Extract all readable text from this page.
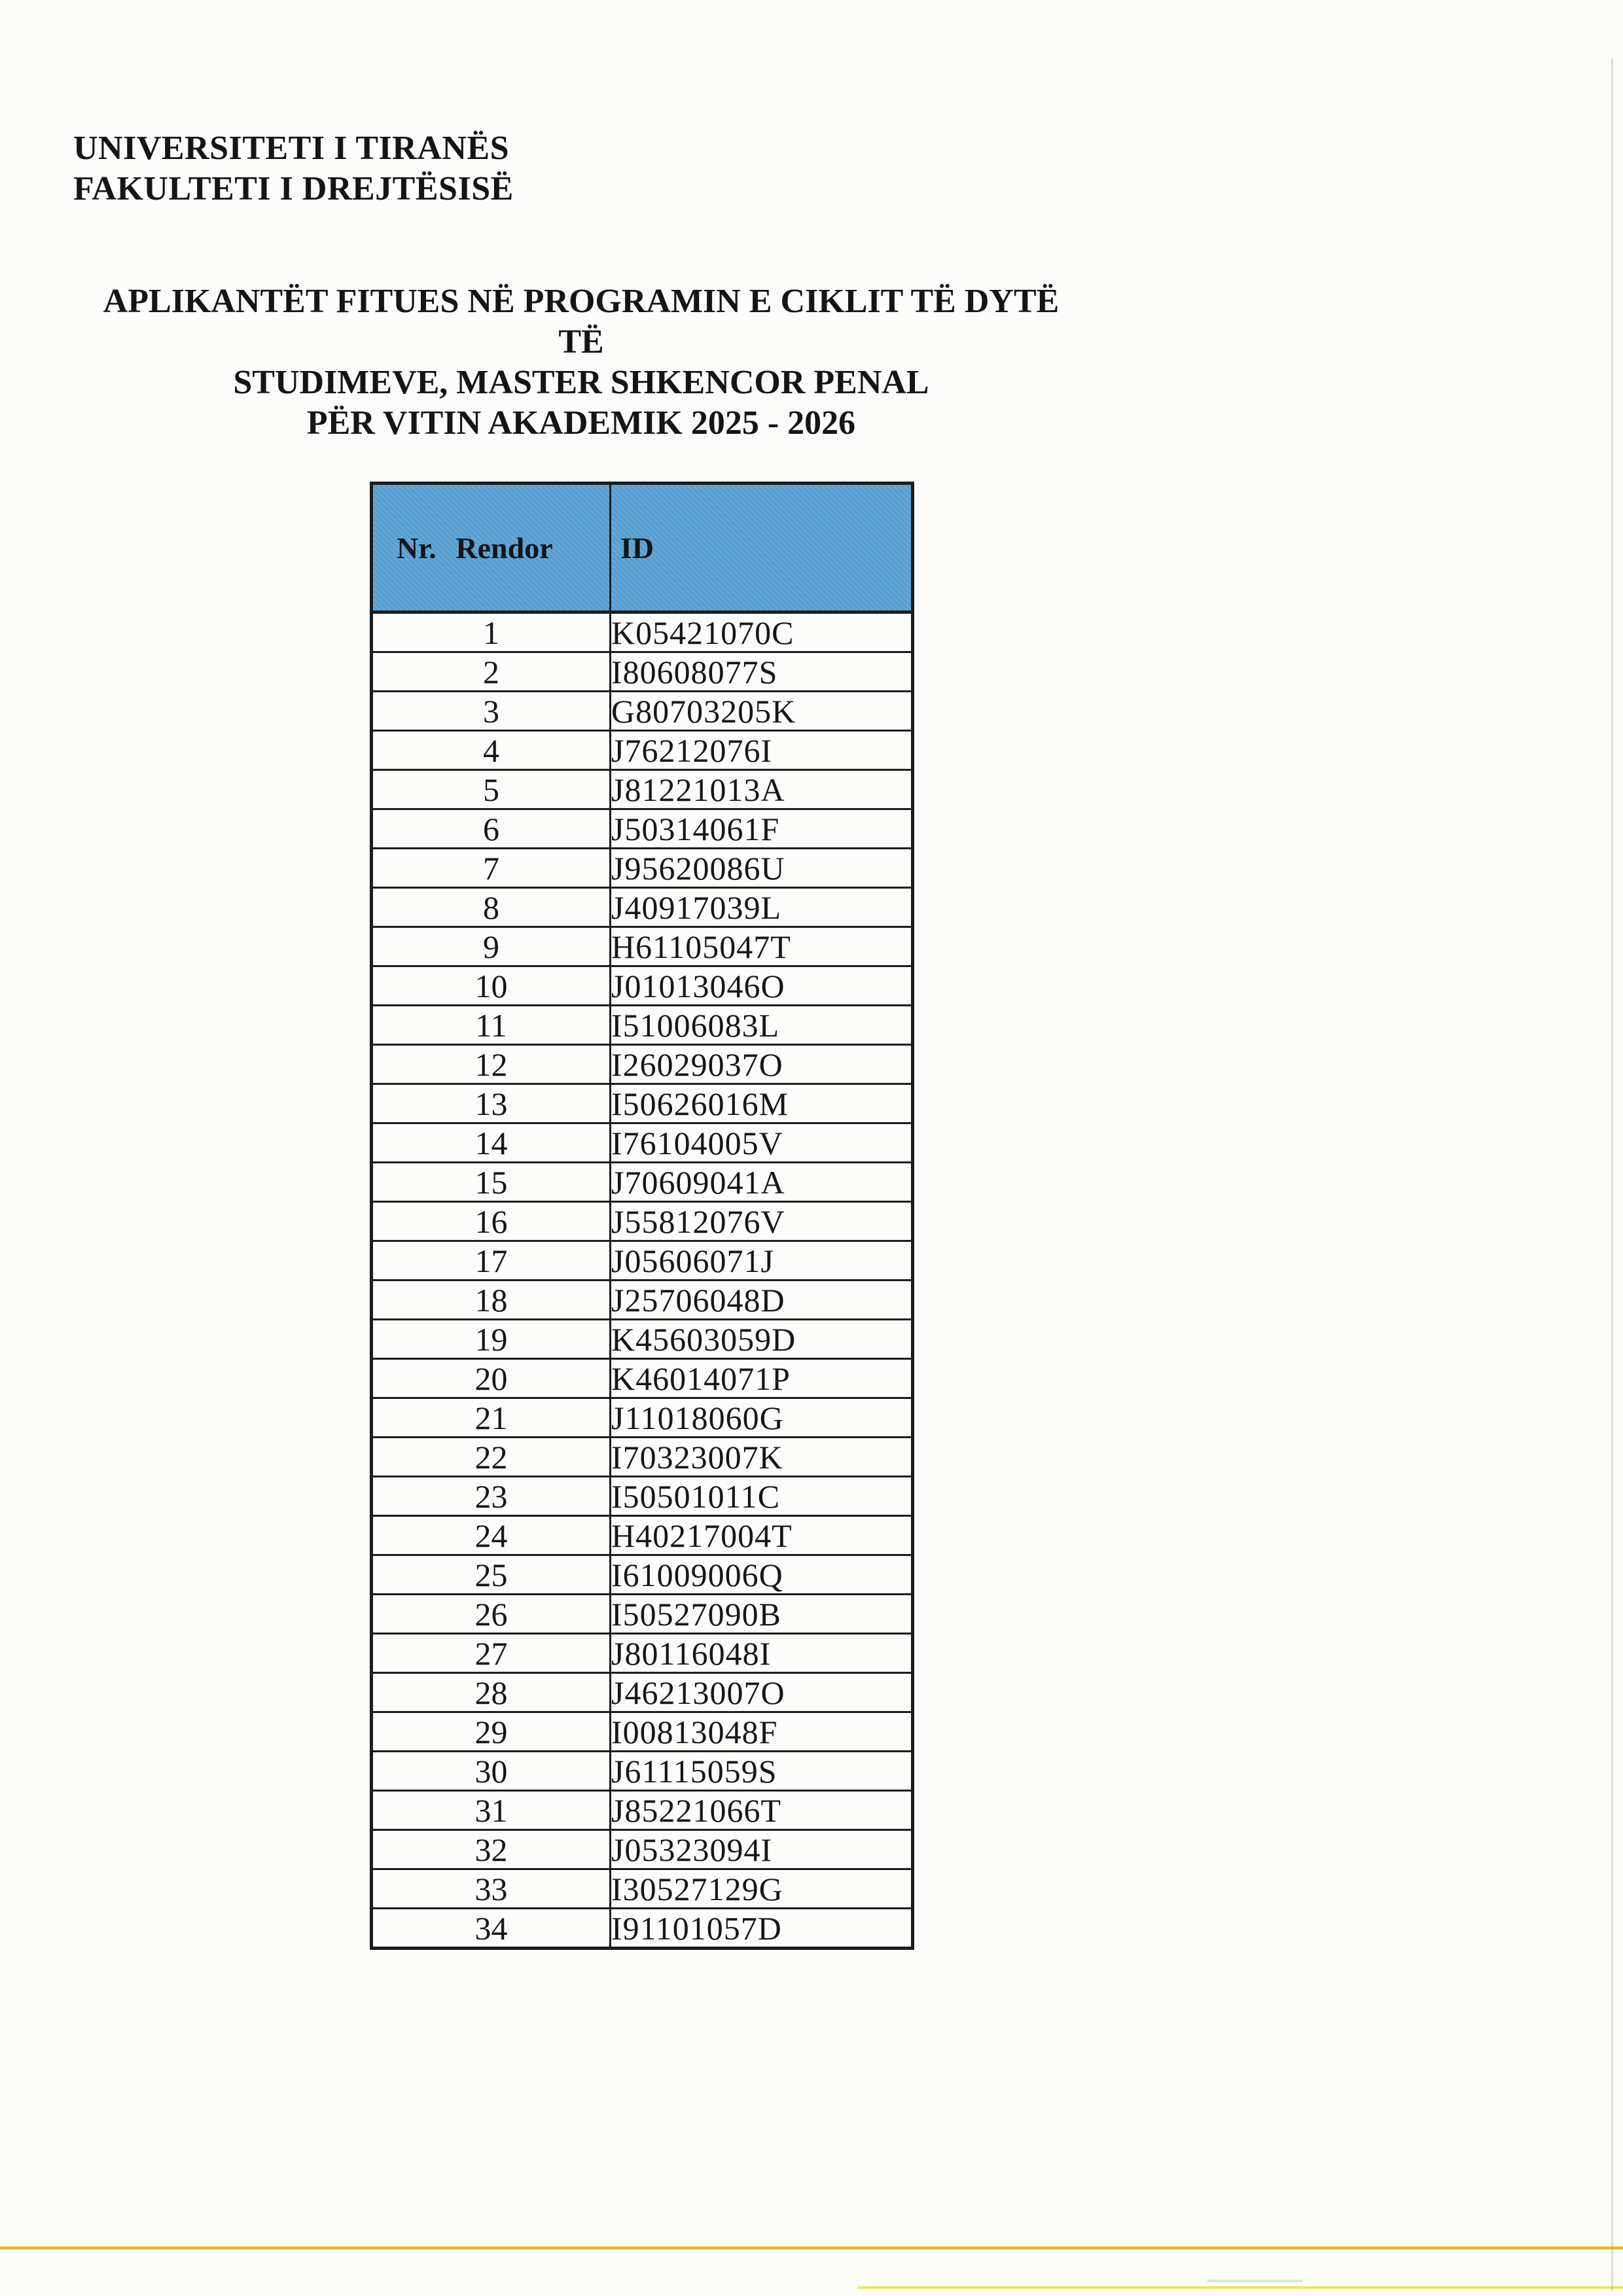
UNIVERSITETI I TIRANËS
FAKULTETI I DREJTËSISË
APLIKANTËT FITUES NË PROGRAMIN E CIKLIT TË DYTË TË
STUDIMEVE, MASTER SHKENCOR PENAL
PËR VITIN AKADEMIK 2025 - 2026
Nr. Rendor	ID
1	K05421070C
2	I80608077S
3	G80703205K
4	J76212076I
5	J81221013A
6	J50314061F
7	J95620086U
8	J40917039L
9	H61105047T
10	J01013046O
11	I51006083L
12	I26029037O
13	I50626016M
14	I76104005V
15	J70609041A
16	J55812076V
17	J05606071J
18	J25706048D
19	K45603059D
20	K46014071P
21	J11018060G
22	I70323007K
23	I50501011C
24	H40217004T
25	I61009006Q
26	I50527090B
27	J80116048I
28	J46213007O
29	I00813048F
30	J61115059S
31	J85221066T
32	J05323094I
33	I30527129G
34	I91101057D
